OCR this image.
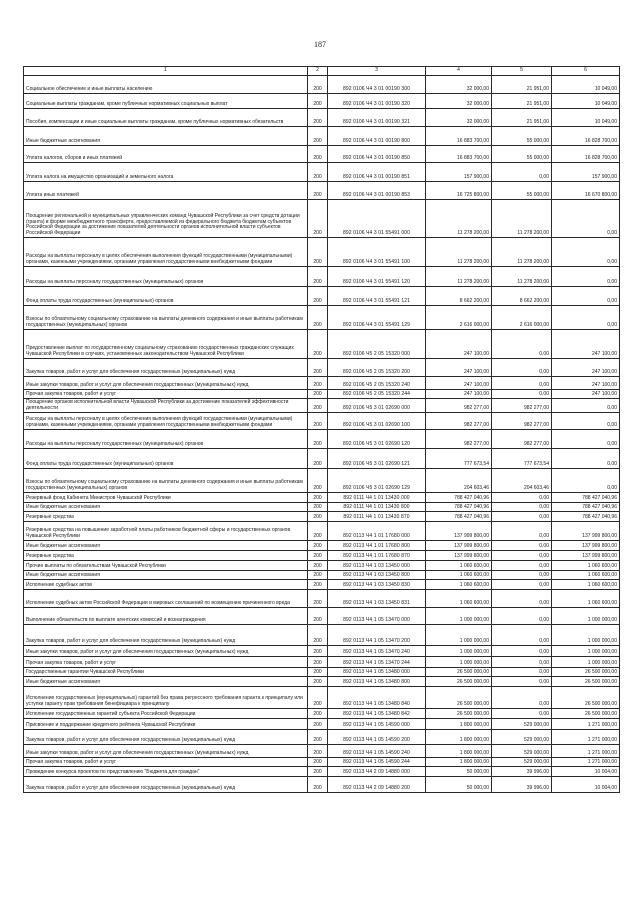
187
1	2	3	4	5	6
Социальное обеспечение и иные выплаты населению	200	892 0106 Ч4 3 01 00190 300	32 000,00	21 951,00	10 049,00
Социальные выплаты гражданам, кроме публичных нормативных социальных выплат	200	892 0106 Ч4 3 01 00190 320	32 000,00	21 951,00	10 049,00
Пособия, компенсации и иные социальные выплаты гражданам, кроме публичных нормативных обязательств	200	892 0106 Ч4 3 01 00190 321	32 000,00	21 951,00	10 049,00
Иные бюджетные ассигнования	200	892 0106 Ч4 3 01 00190 800	16 883 700,00	55 000,00	16 828 700,00
Уплата налогов, сборов и иных платежей	200	892 0106 Ч4 3 01 00190 850	16 883 700,00	55 000,00	16 828 700,00
Уплата налога на имущество организаций и земельного налога	200	892 0106 Ч4 3 01 00190 851	157 900,00	0,00	157 900,00
Уплата иных платежей	200	892 0106 Ч4 3 01 00190 853	16 725 800,00	55 000,00	16 670 800,00
Поощрение региональной и муниципальных управленческих команд Чувашской Республики за счет средств дотации (гранта) в форме межбюджетного трансферта, предоставляемой из федерального бюджета бюджетам субъектов Российской Федерации за достижение показателей деятельности органов исполнительной власти субъектов Российской Федерации	200	892 0106 Ч4 3 01 55491 000	11 278 200,00	11 278 200,00	0,00
Расходы на выплаты персоналу в целях обеспечения выполнения функций государственными (муниципальными) органами, казенными учреждениями, органами управления государственными внебюджетными фондами	200	892 0106 Ч4 3 01 55491 100	11 278 200,00	11 278 200,00	0,00
Расходы на выплаты персоналу государственных (муниципальных) органов	200	892 0106 Ч4 3 01 55491 120	11 278 200,00	11 278 200,00	0,00
Фонд оплаты труда государственных (муниципальных) органов	200	892 0106 Ч4 3 01 55491 121	8 662 200,00	8 662 200,00	0,00
Взносы по обязательному социальному страхованию на выплаты денежного содержания и иные выплаты работникам государственных (муниципальных) органов	200	892 0106 Ч4 3 01 55491 129	2 616 000,00	2 616 000,00	0,00
Предоставление выплат по государственному социальному страхованию государственных гражданских служащих Чувашской Республики в случаях, установленных законодательством Чувашской Республики	200	892 0106 Ч5 2 05 15320 000	247 100,00	0,00	247 100,00
Закупка товаров, работ и услуг для обеспечения государственных (муниципальных) нужд	200	892 0106 Ч5 2 05 15320 200	247 100,00	0,00	247 100,00
Иные закупки товаров, работ и услуг для обеспечения государственных (муниципальных) нужд	200	892 0106 Ч5 2 05 15320 240	247 100,00	0,00	247 100,00
Прочая закупка товаров, работ и услуг	200	892 0106 Ч5 2 05 15320 244	247 100,00	0,00	247 100,00
Поощрение органов исполнительной власти Чувашской Республики за достижение показателей эффективности деятельности	200	892 0106 Ч5 3 01 02690 000	982 277,00	982 277,00	0,00
Расходы на выплаты персоналу в целях обеспечения выполнения функций государственными (муниципальными) органами, казенными учреждениями, органами управления государственными внебюджетными фондами	200	892 0106 Ч5 3 01 02690 100	982 277,00	982 277,00	0,00
Расходы на выплаты персоналу государственных (муниципальных) органов	200	892 0106 Ч5 3 01 02690 120	982 277,00	982 277,00	0,00
Фонд оплаты труда государственных (муниципальных) органов	200	892 0106 Ч5 3 01 02690 121	777 673,54	777 673,54	0,00
Взносы по обязательному социальному страхованию на выплаты денежного содержания и иные выплаты работникам государственных (муниципальных) органов	200	892 0106 Ч5 3 01 02690 129	204 603,46	204 603,46	0,00
Резервный фонд Кабинета Министров Чувашской Республики	200	892 0111 Ч4 1 01 13430 000	788 427 040,96	0,00	788 427 040,96
Иные бюджетные ассигнования	200	892 0111 Ч4 1 01 13430 800	788 427 040,96	0,00	788 427 040,96
Резервные средства	200	892 0111 Ч4 1 01 13430 870	788 427 040,96	0,00	788 427 040,96
Резервные средства на повышение заработной платы работников бюджетной сферы и государственных органов Чувашской Республики	200	892 0113 Ч4 1 01 17680 000	137 999 800,00	0,00	137 999 800,00
Иные бюджетные ассигнования	200	892 0113 Ч4 1 01 17680 800	137 999 800,00	0,00	137 999 800,00
Резервные средства	200	892 0113 Ч4 1 01 17680 870	137 999 800,00	0,00	137 999 800,00
Прочие выплаты по обязательствам Чувашской Республики	200	892 0113 Ч4 1 03 13450 000	1 060 600,00	0,00	1 060 600,00
Иные бюджетные ассигнования	200	892 0113 Ч4 1 03 13450 800	1 060 600,00	0,00	1 060 600,00
Исполнение судебных актов	200	892 0113 Ч4 1 03 13450 830	1 060 600,00	0,00	1 060 600,00
Исполнение судебных актов Российской Федерации и мировых соглашений по возмещению причиненного вреда	200	892 0113 Ч4 1 03 13450 831	1 060 600,00	0,00	1 060 600,00
Выполнение обязательств по выплате агентских комиссий и вознаграждения	200	892 0113 Ч4 1 05 13470 000	1 000 000,00	0,00	1 000 000,00
Закупка товаров, работ и услуг для обеспечения государственных (муниципальных) нужд	200	892 0113 Ч4 1 05 13470 200	1 000 000,00	0,00	1 000 000,00
Иные закупки товаров, работ и услуг для обеспечения государственных (муниципальных) нужд	200	892 0113 Ч4 1 05 13470 240	1 000 000,00	0,00	1 000 000,00
Прочая закупка товаров, работ и услуг	200	892 0113 Ч4 1 05 13470 244	1 000 000,00	0,00	1 000 000,00
Государственные гарантии Чувашской Республики	200	892 0113 Ч4 1 05 13480 000	26 500 000,00	0,00	26 500 000,00
Иные бюджетные ассигнования	200	892 0113 Ч4 1 05 13480 800	26 500 000,00	0,00	26 500 000,00
Исполнение государственных (муниципальных) гарантий без права регрессного требования гаранта к принципалу или уступки гаранту прав требования бенефициара к принципалу	200	892 0113 Ч4 1 05 13480 840	26 500 000,00	0,00	26 500 000,00
Исполнение государственных гарантий субъекта Российской Федерации	200	892 0113 Ч4 1 05 13480 842	26 500 000,00	0,00	26 500 000,00
Присвоение и поддержание кредитного рейтинга Чувашской Республики	200	892 0113 Ч4 1 05 14590 000	1 800 000,00	529 000,00	1 271 000,00
Закупка товаров, работ и услуг для обеспечения государственных (муниципальных) нужд	200	892 0113 Ч4 1 05 14590 200	1 800 000,00	529 000,00	1 271 000,00
Иные закупки товаров, работ и услуг для обеспечения государственных (муниципальных) нужд	200	892 0113 Ч4 1 05 14590 240	1 800 000,00	529 000,00	1 271 000,00
Прочая закупка товаров, работ и услуг	200	892 0113 Ч4 1 05 14590 244	1 800 000,00	529 000,00	1 271 000,00
Проведение конкурса проектов по представлению "Бюджета для граждан"	200	892 0113 Ч4 2 09 14880 000	50 000,00	39 996,00	10 004,00
Закупка товаров, работ и услуг для обеспечения государственных (муниципальных) нужд	200	892 0113 Ч4 2 09 14880 200	50 000,00	39 996,00	10 004,00
